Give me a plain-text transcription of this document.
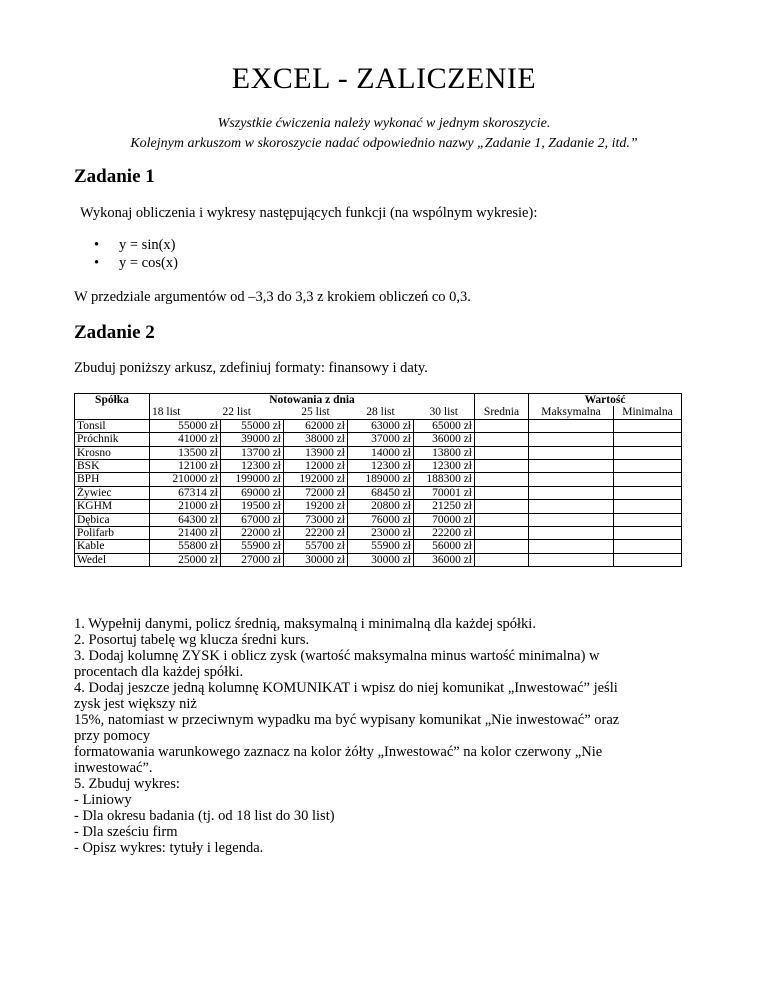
EXCEL - ZALICZENIE
Wszystkie ćwiczenia należy wykonać w jednym skoroszycie.
Kolejnym arkuszom w skoroszycie nadać odpowiednio nazwy „Zadanie 1, Zadanie 2, itd.”
Zadanie 1
Wykonaj obliczenia i wykresy następujących funkcji (na wspólnym wykresie):
• y = sin(x)
• y = cos(x)
W przedziale argumentów od –3,3 do 3,3 z krokiem obliczeń co 0,3.
Zadanie 2
Zbuduj poniższy arkusz, zdefiniuj formaty: finansowy i daty.
Spółka	Notowania z dnia						Wartość	
	18 list	22 list	25 list	28 list	30 list	Średnia	Maksymalna	Minimalna
Tonsil	55000 zł	55000 zł	62000 zł	63000 zł	65000 zł			
Próchnik	41000 zł	39000 zł	38000 zł	37000 zł	36000 zł			
Krosno	13500 zł	13700 zł	13900 zł	14000 zł	13800 zł			
BSK	12100 zł	12300 zł	12000 zł	12300 zł	12300 zł			
BPH	210000 zł	199000 zł	192000 zł	189000 zł	188300 zł			
Żywiec	67314 zł	69000 zł	72000 zł	68450 zł	70001 zł			
KGHM	21000 zł	19500 zł	19200 zł	20800 zł	21250 zł			
Dębica	64300 zł	67000 zł	73000 zł	76000 zł	70000 zł			
Polifarb	21400 zł	22000 zł	22200 zł	23000 zł	22200 zł			
Kable	55800 zł	55900 zł	55700 zł	55900 zł	56000 zł			
Wedel	25000 zł	27000 zł	30000 zł	30000 zł	36000 zł			
1. Wypełnij danymi, policz średnią, maksymalną i minimalną dla każdej spółki.
2. Posortuj tabelę wg klucza średni kurs.
3. Dodaj kolumnę ZYSK i oblicz zysk (wartość maksymalna minus wartość minimalna) w
procentach dla każdej spółki.
4. Dodaj jeszcze jedną kolumnę KOMUNIKAT i wpisz do niej komunikat „Inwestować” jeśli
zysk jest większy niż
15%, natomiast w przeciwnym wypadku ma być wypisany komunikat „Nie inwestować” oraz
przy pomocy
formatowania warunkowego zaznacz na kolor żółty „Inwestować” na kolor czerwony „Nie
inwestować”.
5. Zbuduj wykres:
- Liniowy
- Dla okresu badania (tj. od 18 list do 30 list)
- Dla sześciu firm
- Opisz wykres: tytuły i legenda.
